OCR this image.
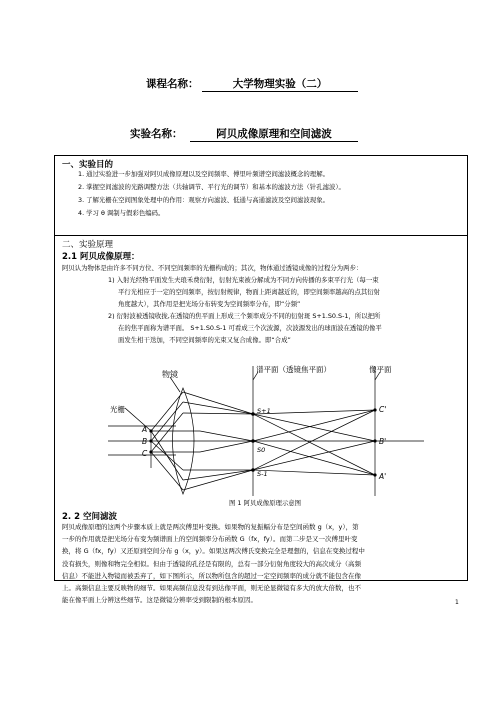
课程名称：	大学物理实验（二）
实验名称：	阿贝成像原理和空间滤波
一、实验目的
1. 通过实验进一步加强对阿贝成像原理以及空间频率、傅里叶频谱空间滤波概念的理解。
2. 掌握空间滤波的光路调整方法（共轴调节、平行光的调节）和基本的滤波方法（针孔滤波）。
3. 了解光栅在空间图象处理中的作用：观察方向滤波、低通与高通滤波及空间滤波现象。
4. 学习 θ 调制与假彩色编码。
二、实验原理
2.1 阿贝成像原理：
阿贝认为物体是由许多不同方位、不同空间频率的光栅构成的；其次，物体通过透镜成像的过程分为两步：
1) 入射光经物平面发生夫琅禾费衍射，衍射光束被分解成为不同方向传播的多束平行光（每一束
平行光相应于一定的空间频率，按衍射规律，物面上距离越近的，即空间频率越高的点其衍射
角度越大），其作用是把光场分布转变为空间频率分布，即“分频”
2) 衍射波被透镜收拢,在透镜的焦平面上形成三个频率成分不同的衍射斑 S+1.S0.S-1，所以把所
在的焦平面称为谱平面。 S+1.S0.S-1 可看成三个次波源，次波源发出的球面波在透镜的像平
面发生相干迭加，不同空间频率的光束又复合成像。即“合成”
物镜
谱平面（透镜焦平面）	像平面
光栅
A
B
C
C'
B'
A'
S+1
S0
S-1
图 1 阿贝成像原理示意图
2. 2 空间滤波
阿贝成像原理的这两个步骤本质上就是两次傅里叶变换。如果物的复振幅分布是空间函数 g（x，y），第
一步的作用就是把光场分布变为频谱面上的空间频率分布函数 G（fx，fy）。而第二步是又一次傅里叶变
换，将 G（fx，fy）又还原到空间分布 g（x，y）。如果这两次傅氏变换完全是理想的，信息在变换过程中
没有损失，则像和物完全相似。但由于透镜的孔径是有限的，总有一部分衍射角度较大的高次成分（高频
信息）不能进入物镜而被丢弃了，如下图所示，所以物所包含的超过一定空间频率的成分就不能包含在像
上。高频信息主要反映物的细节。如果高频信息没有到达像平面，则无论显微镜有多大的放大倍数，也不
能在像平面上分辨这些细节。这是微镜分辨率受到限制的根本原因。	1
